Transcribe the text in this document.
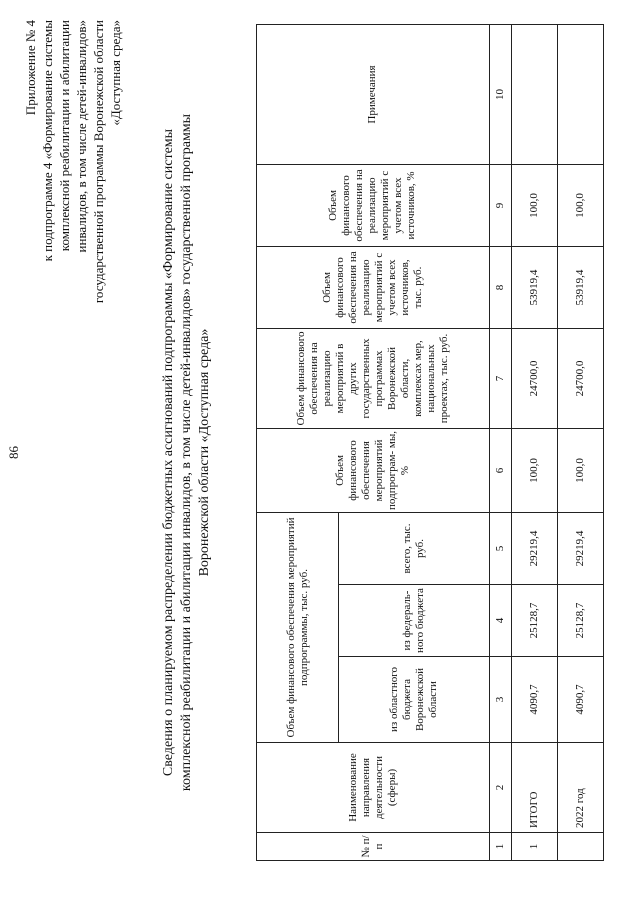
86
Приложение № 4 к подпрограмме 4 «Формирование системы комплексной реабилитации и абилитации инвалидов, в том числе детей-инвалидов» государственной программы Воронежской области «Доступная среда»
Сведения о планируемом распределении бюджетных ассигнований подпрограммы «Формирование системы комплексной реабилитации и абилитации инвалидов, в том числе детей-инвалидов» государственной программы Воронежской области «Доступная среда»
№ п/п	Наименование направления деятельности (сферы)	Объем финансового обеспечения мероприятий подпрограммы, тыс. руб.			Объем финансового обеспечения мероприятий подпрограм- мы, %	Объем финансового обеспечения на реализацию мероприятий в других государственных программах Воронежской области, комплексах мер, национальных проектах, тыс. руб.	Объем финансового обеспечения на реализацию мероприятий с учетом всех источников, тыс. руб.	Объем финансового обеспечения на реализацию мероприятий с учетом всех источников, %	Примечания
		из областного бюджета Воронежской области	из федераль- ного бюджета	всего, тыс. руб.					
1	2	3	4	5	6	7	8	9	10
1	ИТОГО	4090,7	25128,7	29219,4	100,0	24700,0	53919,4	100,0	
	2022 год	4090,7	25128,7	29219,4	100,0	24700,0	53919,4	100,0	
